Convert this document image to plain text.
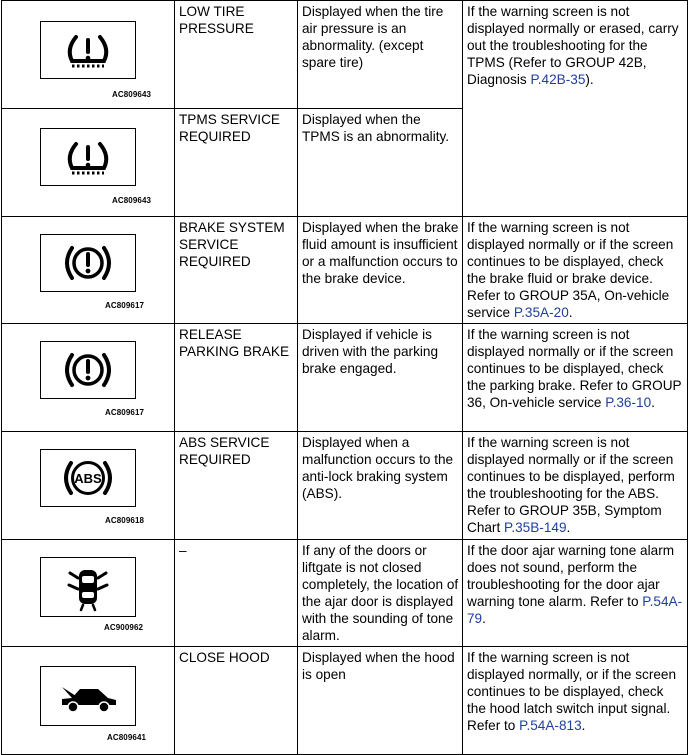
AC809643	LOW TIRE
PRESSURE	Displayed when the tire air pressure is an abnormality. (except spare tire)	If the warning screen is not displayed normally or erased, carry out the troubleshooting for the TPMS (Refer to GROUP 42B, Diagnosis P.42B-35).

AC809643	TPMS SERVICE
REQUIRED	Displayed when the TPMS is an abnormality.	

AC809617	BRAKE SYSTEM
SERVICE
REQUIRED	Displayed when the brake fluid amount is insufficient or a malfunction occurs to the brake device.	If the warning screen is not displayed normally or if the screen continues to be displayed, check the brake fluid or brake device. Refer to GROUP 35A, On-vehicle service P.35A-20.

AC809617	RELEASE
PARKING BRAKE	Displayed if vehicle is driven with the parking brake engaged.	If the warning screen is not displayed normally or if the screen continues to be displayed, check the parking brake. Refer to GROUP 36, On-vehicle service P.36-10.

ABS
AC809618	ABS SERVICE
REQUIRED	Displayed when a malfunction occurs to the anti-lock braking system (ABS).	If the warning screen is not displayed normally or if the screen continues to be displayed, perform the troubleshooting for the ABS. Refer to GROUP 35B, Symptom Chart P.35B-149.

AC900962	–	If any of the doors or liftgate is not closed completely, the location of the ajar door is displayed with the sounding of tone alarm.	If the door ajar warning tone alarm does not sound, perform the troubleshooting for the door ajar warning tone alarm. Refer to P.54A-79.

AC809641	CLOSE HOOD	Displayed when the hood is open	If the warning screen is not displayed normally, or if the screen continues to be displayed, check the hood latch switch input signal. Refer to P.54A-813.
